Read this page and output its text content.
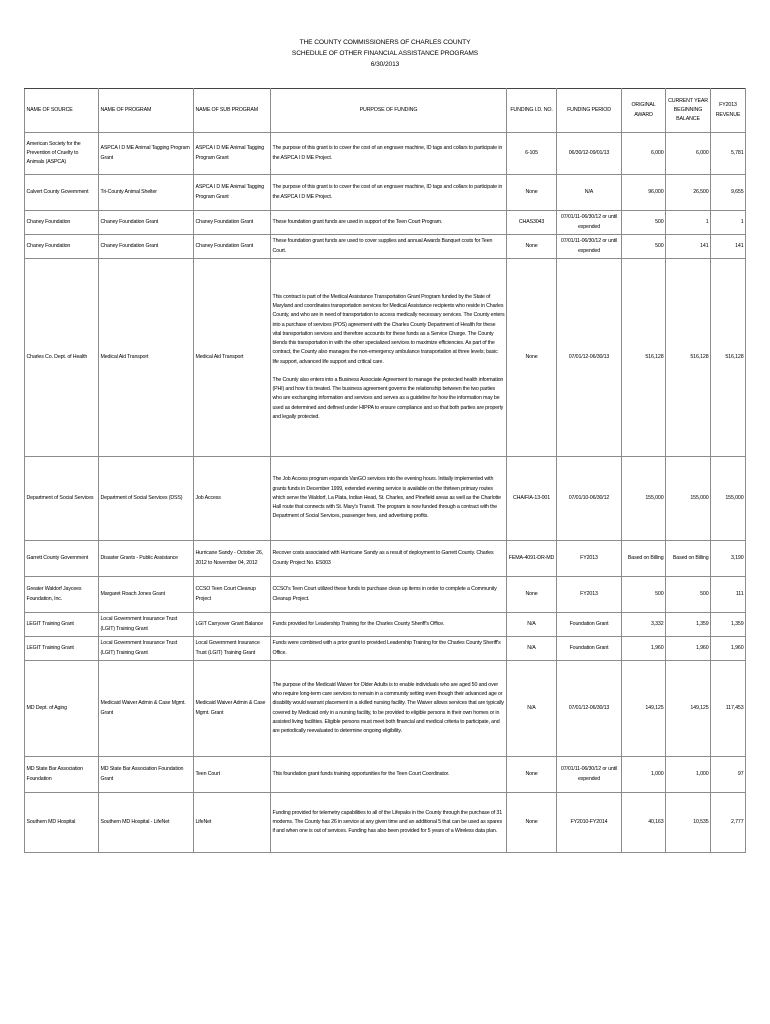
THE COUNTY COMMISSIONERS OF CHARLES COUNTY
SCHEDULE OF OTHER FINANCIAL ASSISTANCE PROGRAMS
6/30/2013
NAME OF SOURCE	NAME OF PROGRAM	NAME OF SUB PROGRAM	PURPOSE OF FUNDING	FUNDING I.D. NO.	FUNDING PERIOD	ORIGINAL AWARD	CURRENT YEAR BEGINNING BALANCE	FY2013 REVENUE
American Society for the Prevention of Cruelty to Animals (ASPCA)	ASPCA I D ME Animal Tagging Program Grant	ASPCA I D ME Animal Tagging Program Grant	The purpose of this grant is to cover the cost of an engraver machine, ID tags and collars to participate in the ASPCA I D ME Project.	6-105	06/30/12-09/01/13	6,000	6,000	5,781
Calvert County Government	Tri-County Animal Shelter	ASPCA I D ME Animal Tagging Program Grant	The purpose of this grant is to cover the cost of an engraver machine, ID tags and collars to participate in the ASPCA I D ME Project.	None	N/A	96,000	26,500	9,655
Chaney Foundation	Chaney Foundation Grant	Chaney Foundation Grant	These foundation grant funds are used in support of the Teen Court Program.	CHAS3043	07/01/11-06/30/12 or until expended	500	1	1
Chaney Foundation	Chaney Foundation Grant	Chaney Foundation Grant	These foundation grant funds are used to cover supplies and annual Awards Banquet costs for Teen Court.	None	07/01/11-06/30/12 or until expended	500	141	141
Charles Co. Dept. of Health	Medical Aid Transport	Medical Aid Transport	This contract is part of the Medical Assistance Transportation Grant Program funded by the State of Maryland and coordinates transportation services for Medical Assistance recipients who reside in Charles County, and who are in need of transportation to access medically necessary services. The County enters into a purchase of services (POS) agreement with the Charles County Department of Health for these vital transportation services and therefore accounts for these funds as a Service Charge. The County blends this transportation in with the other specialized services to maximize efficiencies. As part of the contract, the County also manages the non-emergency ambulance transportation at three levels; basic life support, advanced life support and critical care.
The County also enters into a Business Associate Agreement to manage the protected health information (PHI) and how it is treated. The business agreement governs the relationship between the two parties who are exchanging information and services and serves as a guideline for how the information may be used as determined and defined under HIPPA to ensure compliance and so that both parties are properly and legally protected.	None	07/01/12-06/30/13	516,128	516,128	516,128
Department of Social Services	Department of Social Services (DSS)	Job Access	The Job Access program expands VanGO services into the evening hours. Initially implemented with grants funds in December 1999, extended evening service is available on the thirteen primary routes which serve the Waldorf, La Plata, Indian Head, St. Charles, and Pinefield areas as well as the Charlotte Hall route that connects with St. Mary's Transit. The program is now funded through a contract with the Department of Social Services, passenger fees, and advertising profits.	CHA/FIA-13-001	07/01/10-06/30/12	155,000	155,000	155,000
Garrett County Government	Disaster Grants - Public Assistance	Hurricane Sandy - October 26, 2012 to November 04, 2012	Recover costs associated with Hurricane Sandy as a result of deployment to Garrett County. Charles County Project No. ES003	FEMA-4091-DR-MD	FY2013	Based on Billing	Based on Billing	3,190
Greater Waldorf Jaycees Foundation, Inc.	Margaret Roach Jones Grant	CCSO Teen Court Cleanup Project	CCSO's Teen Court utilized these funds to purchase clean up items in order to complete a Community Cleanup Project.	None	FY2013	500	500	111
LEGIT Training Grant	Local Government Insurance Trust (LGIT) Training Grant	LGIT Carryover Grant Balance	Funds provided for Leadership Training for the Charles County Sheriff's Office.	N/A	Foundation Grant	3,332	1,359	1,359
LEGIT Training Grant	Local Government Insurance Trust (LGIT) Training Grant	Local Government Insurance Trust (LGIT) Training Grant	Funds were combined with a prior grant to provided Leadership Training for the Charles County Sheriff's Office.	N/A	Foundation Grant	1,960	1,960	1,960
MD Dept. of Aging	Medicaid Waiver Admin & Case Mgmt. Grant	Medicaid Waiver Admin & Case Mgmt. Grant	The purpose of the Medicaid Waiver for Older Adults is to enable individuals who are aged 50 and over who require long-term care services to remain in a community setting even though their advanced age or disability would warrant placement in a skilled nursing facility. The Waiver allows services that are typically covered by Medicaid only in a nursing facility, to be provided to eligible persons in their own homes or in assisted living facilities. Eligible persons must meet both financial and medical criteria to participate, and are periodically reevaluated to determine ongoing eligibility.	N/A	07/01/12-06/30/13	149,125	149,125	117,453
MD State Bar Association Foundation	MD State Bar Association Foundation Grant	Teen Court	This foundation grant funds training opportunities for the Teen Court Coordinator.	None	07/01/11-06/30/12 or until expended	1,000	1,000	97
Southern MD Hospital	Southern MD Hospital - LifeNet	LifeNet	Funding provided for telemetry capabilities to all of the Lifepaks in the County through the purchase of 31 modems. The County has 26 in service at any given time and an additional 5 that can be used as spares if and when one is out of services. Funding has also been provided for 5 years of a Wireless data plan.	None	FY2010-FY2014	40,163	10,535	2,777
